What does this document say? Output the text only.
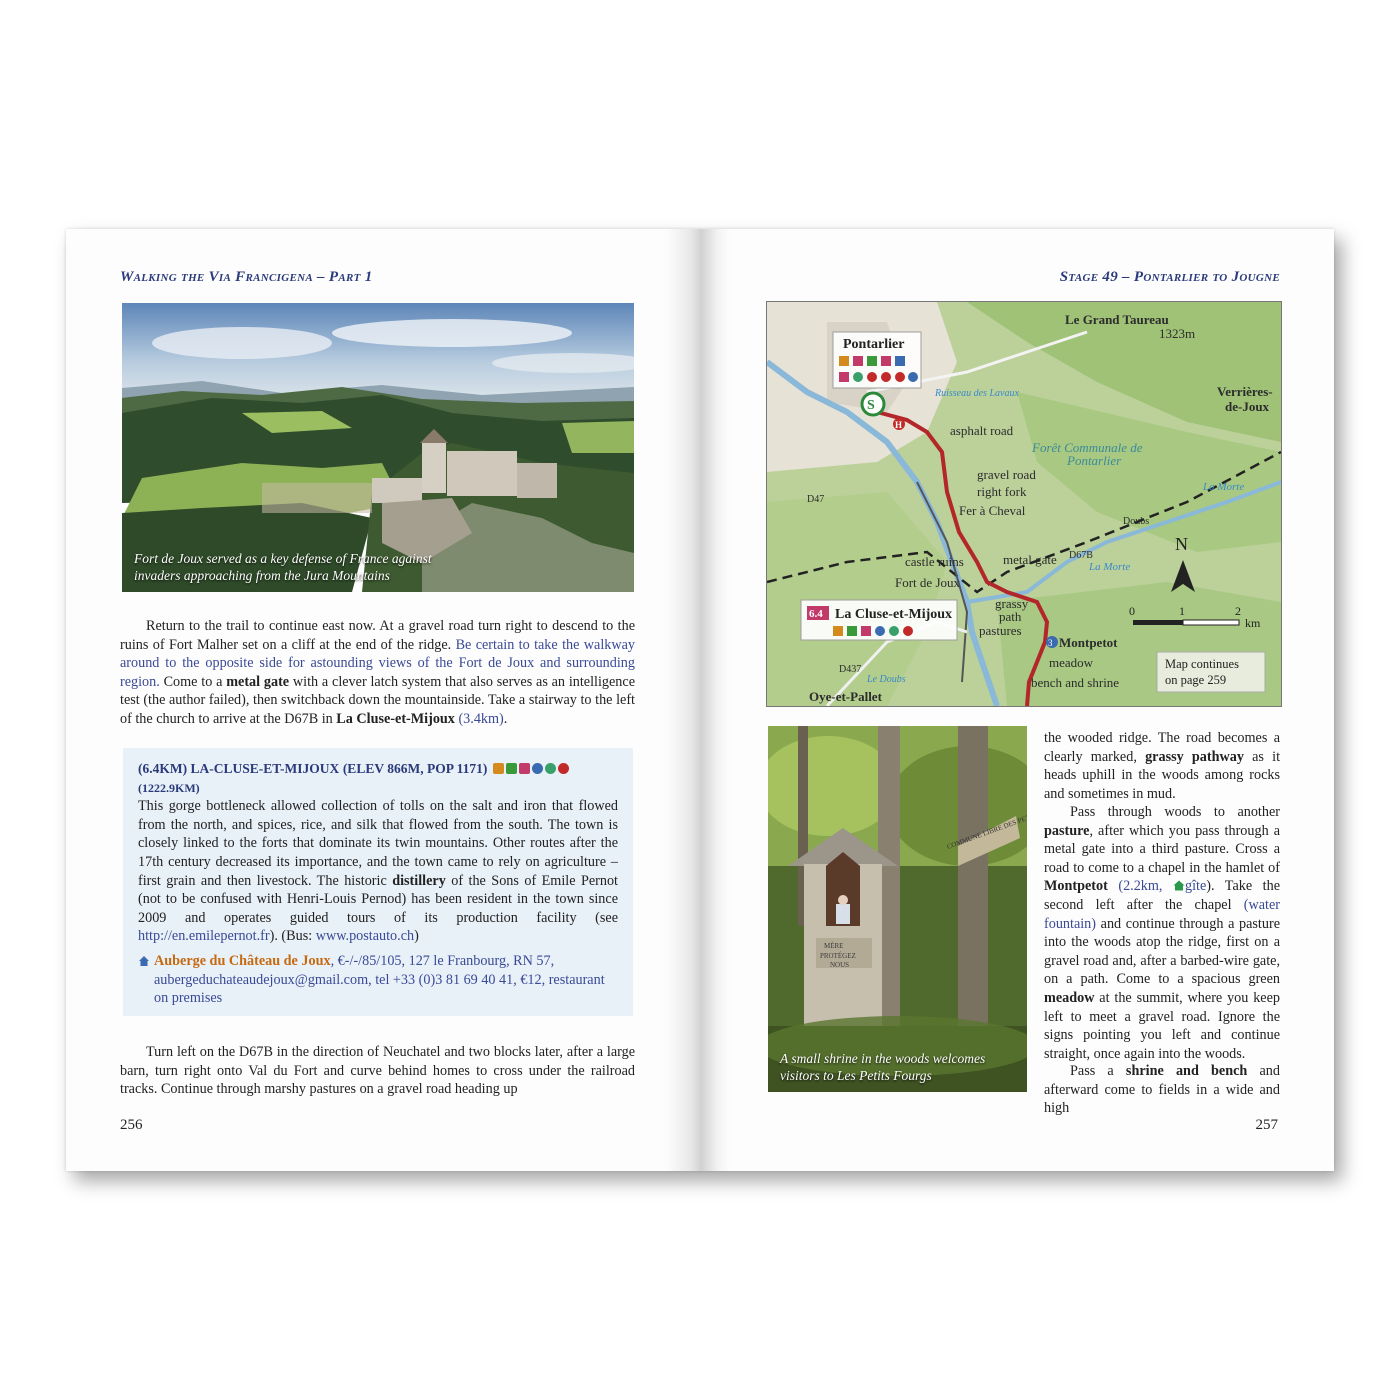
Walking the Via Francigena – Part 1
Fort de Joux served as a key defense of France against
invaders approaching from the Jura Mountains
Return to the trail to continue east now. At a gravel road turn right to descend to the ruins of Fort Malher set on a cliff at the end of the ridge. Be certain to take the walkway around to the opposite side for astounding views of the Fort de Joux and surrounding region. Come to a metal gate with a clever latch system that also serves as an intelligence test (the author failed), then switchback down the mountainside. Take a stairway to the left of the church to arrive at the D67B in La Cluse-et-Mijoux (3.4km).
(6.4KM) LA-CLUSE-ET-MIJOUX (ELEV 866M, POP 1171)
(1222.9KM)
This gorge bottleneck allowed collection of tolls on the salt and iron that flowed from the north, and spices, rice, and silk that flowed from the south. The town is closely linked to the forts that dominate its twin mountains. Other routes after the 17th century decreased its importance, and the town came to rely on agriculture – first grain and then livestock. The historic distillery of the Sons of Emile Pernot (not to be confused with Henri-Louis Pernod) has been resident in the town since 2009 and operates guided tours of its production facility (see http://en.emilepernot.fr). (Bus: www.postauto.ch)
Auberge du Château de Joux, €-/-/85/105, 127 le Franbourg, RN 57, aubergeduchateaudejoux@gmail.com, tel +33 (0)3 81 69 40 41, €12, restaurant on premises
Turn left on the D67B in the direction of Neuchatel and two blocks later, after a large barn, turn right onto Val du Fort and curve behind homes to cross under the railroad tracks. Continue through marshy pastures on a gravel road heading up
256
Stage 49 – Pontarlier to Jougne
Le Grand Taureau
1323m
Verrières-
de-Joux
asphalt road
Forêt Communale de
Pontarlier
gravel road
right fork
Fer à Cheval
castle ruins
Fort de Joux
metal gate D67B
La Morte
La Morte
Doubs
Le Doubs
D437
D47
Ruisseau des Lavaux
grassy
path
pastures
Montpetot
meadow
bench and shrine
Oye-et-Pallet
Pontarlier
S
H
6.4 La Cluse-et-Mijoux
3
N
0	1	2
km
Map continues
on page 259
COMMUNE LIBRE DES PETITS
MÈRE
PROTÉGEZ
NOUS
A small shrine in the woods welcomes
visitors to Les Petits Fourgs
the wooded ridge. The road becomes a clearly marked, grassy pathway as it heads uphill in the woods among rocks and sometimes in mud.
Pass through woods to another pasture, after which you pass through a metal gate into a third pasture. Cross a road to come to a chapel in the hamlet of Montpetot (2.2km, gîte). Take the second left after the chapel (water fountain) and continue through a pasture into the woods atop the ridge, first on a gravel road and, after a barbed-wire gate, on a path. Come to a spacious green meadow at the summit, where you keep left to meet a gravel road. Ignore the signs pointing you left and continue straight, once again into the woods.
Pass a shrine and bench and afterward come to fields in a wide and high
257
